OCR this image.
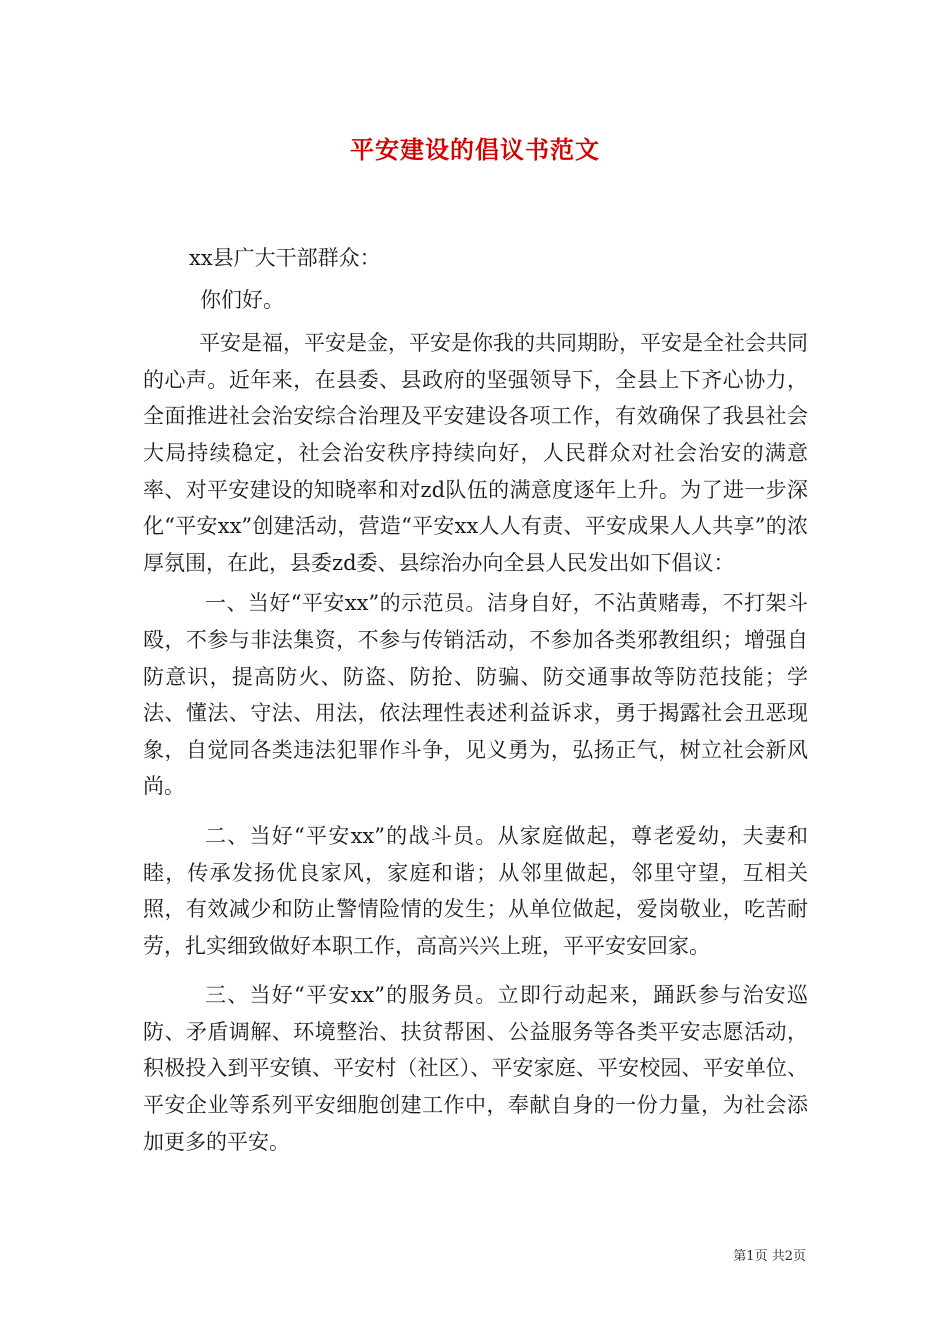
平安建设的倡议书范文

xx县广大干部群众：

你们好。

平安是福，平安是金，平安是你我的共同期盼，平安是全社会共同的心声。近年来，在县委、县政府的坚强领导下，全县上下齐心协力，全面推进社会治安综合治理及平安建设各项工作，有效确保了我县社会大局持续稳定，社会治安秩序持续向好，人民群众对社会治安的满意率、对平安建设的知晓率和对zd队伍的满意度逐年上升。为了进一步深化“平安xx”创建活动，营造“平安xx人人有责、平安成果人人共享”的浓厚氛围，在此，县委zd委、县综治办向全县人民发出如下倡议：

一、当好“平安xx”的示范员。洁身自好，不沾黄赌毒，不打架斗殴，不参与非法集资，不参与传销活动，不参加各类邪教组织；增强自防意识，提高防火、防盗、防抢、防骗、防交通事故等防范技能；学法、懂法、守法、用法，依法理性表述利益诉求，勇于揭露社会丑恶现象，自觉同各类违法犯罪作斗争，见义勇为，弘扬正气，树立社会新风尚。

二、当好“平安xx”的战斗员。从家庭做起，尊老爱幼，夫妻和睦，传承发扬优良家风，家庭和谐；从邻里做起，邻里守望，互相关照，有效减少和防止警情险情的发生；从单位做起，爱岗敬业，吃苦耐劳，扎实细致做好本职工作，高高兴兴上班，平平安安回家。

三、当好“平安xx”的服务员。立即行动起来，踊跃参与治安巡防、矛盾调解、环境整治、扶贫帮困、公益服务等各类平安志愿活动，积极投入到平安镇、平安村（社区）、平安家庭、平安校园、平安单位、平安企业等系列平安细胞创建工作中，奉献自身的一份力量，为社会添加更多的平安。

第1页 共2页
